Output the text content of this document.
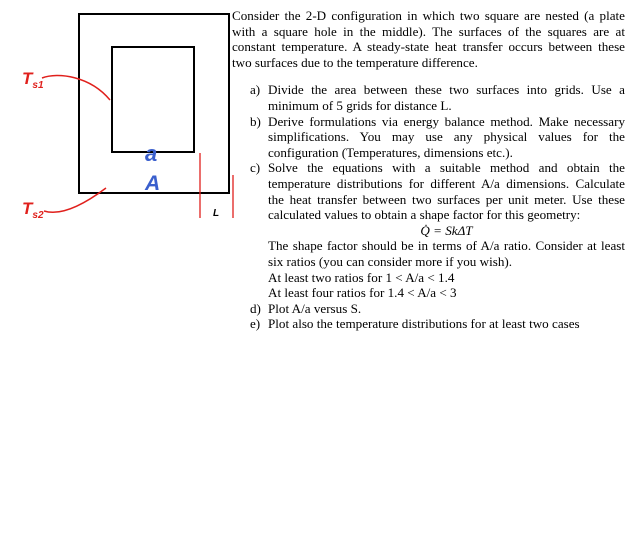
a
A
L
$T_{s1}$
$T_{s2}$

Consider the 2-D configuration in which two square are nested (a plate with a square hole in the middle). The surfaces of the squares are at constant temperature. A steady-state heat transfer occurs between these two surfaces due to the temperature difference.

a) Divide the area between these two surfaces into grids. Use a minimum of 5 grids for distance L.
b) Derive formulations via energy balance method. Make necessary simplifications. You may use any physical values for the configuration (Temperatures, dimensions etc.).
c) Solve the equations with a suitable method and obtain the temperature distributions for different A/a dimensions. Calculate the heat transfer between two surfaces per unit meter. Use these calculated values to obtain a shape factor for this geometry:
Q̇ = SkΔT
The shape factor should be in terms of A/a ratio. Consider at least six ratios (you can consider more if you wish).
At least two ratios for 1 < A/a < 1.4
At least four ratios for 1.4 < A/a < 3
d) Plot A/a versus S.
e) Plot also the temperature distributions for at least two cases
